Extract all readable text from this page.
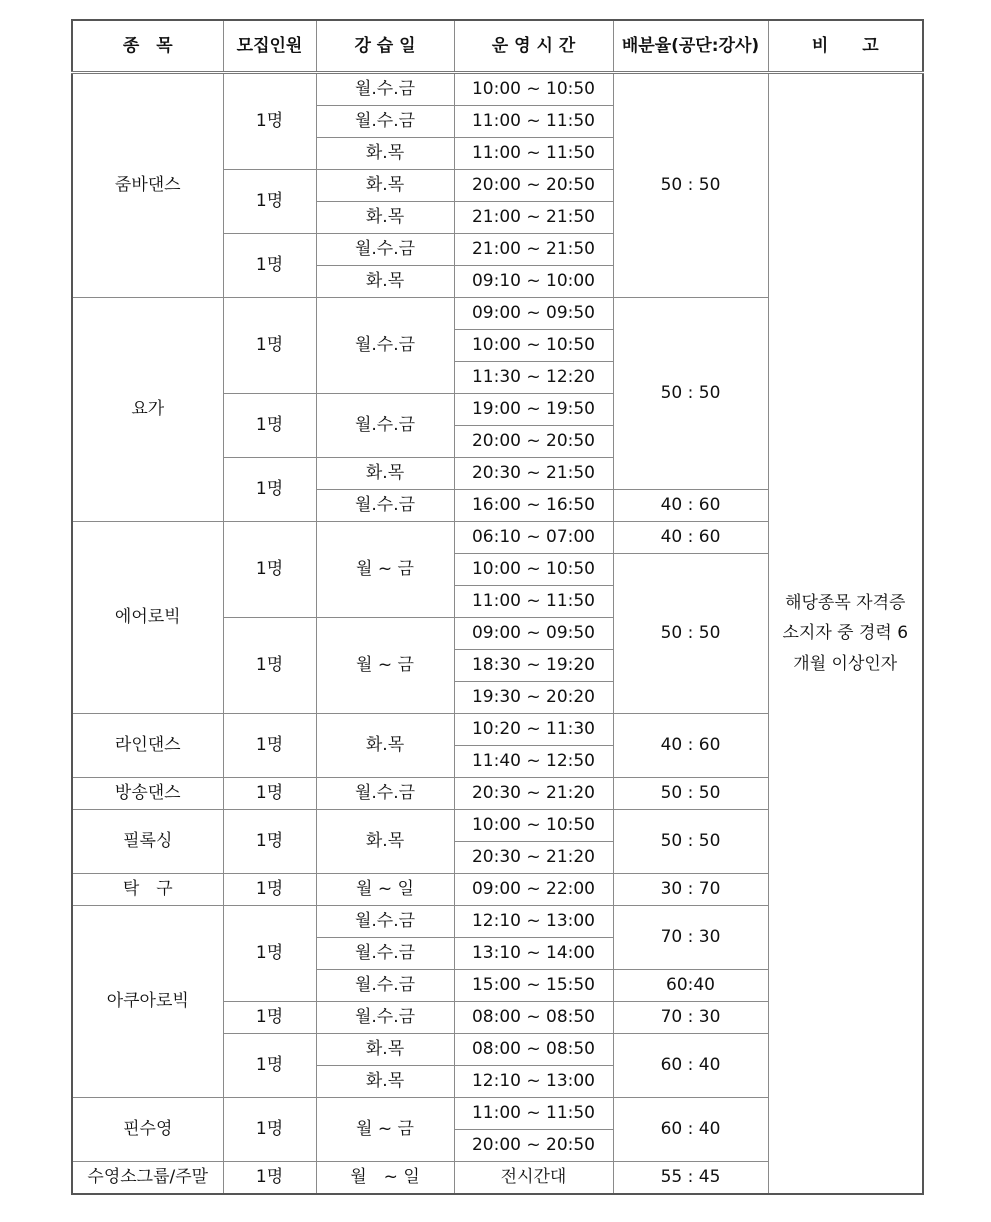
종　목	모집인원	강 습 일	운 영 시 간	배분율(공단:강사)	비　　고
줌바댄스	1명	월.수.금	10:00 ~ 10:50	50 : 50	해당종목 자격증 소지자 중 경력 6개월 이상인자
		월.수.금	11:00 ~ 11:50		
		화.목	11:00 ~ 11:50		
	1명	화.목	20:00 ~ 20:50		
		화.목	21:00 ~ 21:50		
	1명	월.수.금	21:00 ~ 21:50		
		화.목	09:10 ~ 10:00		
요가	1명	월.수.금	09:00 ~ 09:50	50 : 50	
			10:00 ~ 10:50		
			11:30 ~ 12:20		
	1명	월.수.금	19:00 ~ 19:50		
			20:00 ~ 20:50		
	1명	화.목	20:30 ~ 21:50		
		월.수.금	16:00 ~ 16:50	40 : 60	
에어로빅	1명	월 ~ 금	06:10 ~ 07:00	40 : 60	
			10:00 ~ 10:50	50 : 50	
			11:00 ~ 11:50		
	1명	월 ~ 금	09:00 ~ 09:50		
			18:30 ~ 19:20		
			19:30 ~ 20:20		
라인댄스	1명	화.목	10:20 ~ 11:30	40 : 60	
			11:40 ~ 12:50		
방송댄스	1명	월.수.금	20:30 ~ 21:20	50 : 50	
필록싱	1명	화.목	10:00 ~ 10:50	50 : 50	
			20:30 ~ 21:20		
탁　구	1명	월 ~ 일	09:00 ~ 22:00	30 : 70	
아쿠아로빅	1명	월.수.금	12:10 ~ 13:00	70 : 30	
		월.수.금	13:10 ~ 14:00		
		월.수.금	15:00 ~ 15:50	60:40	
	1명	월.수.금	08:00 ~ 08:50	70 : 30	
	1명	화.목	08:00 ~ 08:50	60 : 40	
		화.목	12:10 ~ 13:00		
핀수영	1명	월 ~ 금	11:00 ~ 11:50	60 : 40	
			20:00 ~ 20:50		
수영소그룹/주말	1명	월　~ 일	전시간대	55 : 45	
